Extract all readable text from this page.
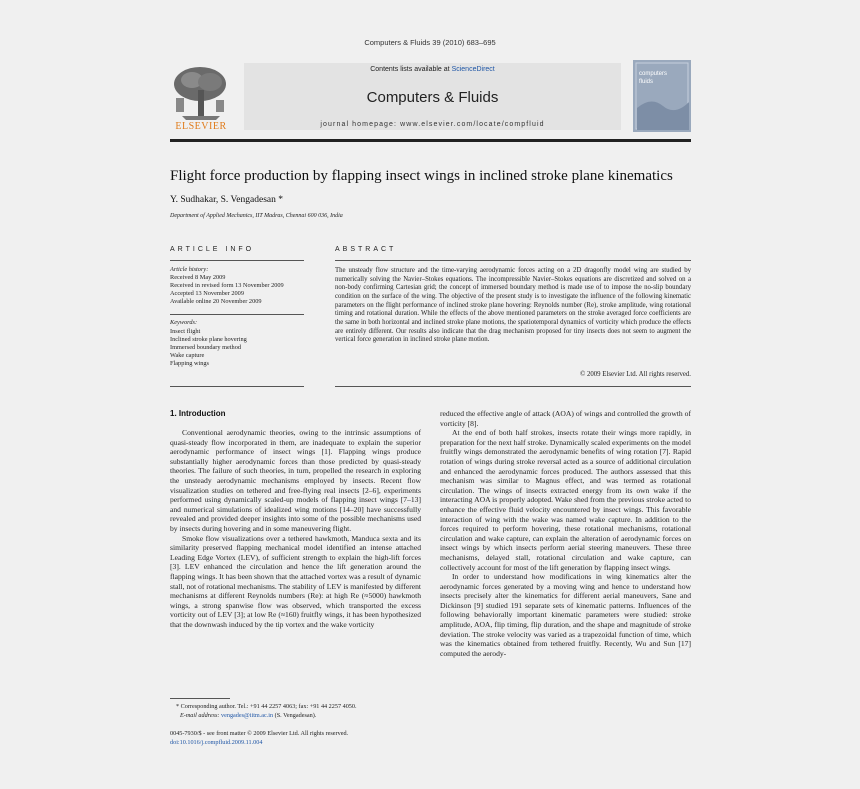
Computers & Fluids 39 (2010) 683–695
ELSEVIER
Contents lists available at ScienceDirect
Computers & Fluids
journal homepage: www.elsevier.com/locate/compfluid
computers
fluids
Flight force production by flapping insect wings in inclined stroke plane kinematics
Y. Sudhakar, S. Vengadesan *
Department of Applied Mechanics, IIT Madras, Chennai 600 036, India
ARTICLE INFO
Article history:
Received 8 May 2009
Received in revised form 13 November 2009
Accepted 13 November 2009
Available online 20 November 2009
Keywords:
Insect flight
Inclined stroke plane hovering
Immersed boundary method
Wake capture
Flapping wings
ABSTRACT
The unsteady flow structure and the time-varying aerodynamic forces acting on a 2D dragonfly model wing are studied by numerically solving the Navier–Stokes equations. The incompressible Navier–Stokes equations are discretized and solved on a non-body confirming Cartesian grid; the concept of immersed boundary method is made use of to impose the no-slip boundary condition on the surface of the wing. The objective of the present study is to investigate the influence of the following kinematic parameters on the flight performance of inclined stroke plane hovering: Reynolds number (Re), stroke amplitude, wing rotational timing and rotational duration. While the effects of the above mentioned parameters on the stroke averaged force coefficients are the same in both horizontal and inclined stroke plane motions, the spatiotemporal dynamics of vorticity which produce the effects are entirely different. Our results also indicate that the drag mechanism proposed for tiny insects does not seem to augment the vertical force generation in inclined stroke plane motion.
© 2009 Elsevier Ltd. All rights reserved.
1. Introduction

Conventional aerodynamic theories, owing to the intrinsic assumptions of quasi-steady flow incorporated in them, are inadequate to explain the superior aerodynamic performance of insect wings [1]. Flapping wings produce substantially higher aerodynamic forces than those predicted by quasi-steady theories. The failure of such theories, in turn, propelled the research in exploring the unsteady aerodynamic mechanisms employed by insects. Recent flow visualization studies on tethered and free-flying real insects [2–6], experiments performed using dynamically scaled-up models of flapping insect wings [7–13] and numerical simulations of idealized wing motions [14–20] have successfully revealed and provided deeper insights into some of the possible mechanisms used by insects during hovering and in some maneuvering flight.

Smoke flow visualizations over a tethered hawkmoth, Manduca sexta and its similarity preserved flapping mechanical model identified an intense attached Leading Edge Vortex (LEV), of sufficient strength to explain the high-lift forces [3]. LEV enhanced the circulation and hence the lift generation around the flapping wings. It has been shown that the attached vortex was a result of dynamic stall, not of rotational mechanisms. The stability of LEV is manifested by different mechanisms at different Reynolds numbers (Re): at high Re (≈5000) hawkmoth wings, a strong spanwise flow was observed, which transported the excess vorticity out of LEV [3]; at low Re (≈160) fruitfly wings, it has been hypothesized that the downwash induced by the tip vortex and the wake vorticity

reduced the effective angle of attack (AOA) of wings and controlled the growth of vorticity [8].

At the end of both half strokes, insects rotate their wings more rapidly, in preparation for the next half stroke. Dynamically scaled experiments on the model fruitfly wings demonstrated the aerodynamic benefits of wing rotation [7]. Rapid rotation of wings during stroke reversal acted as a source of additional circulation and enhanced the aerodynamic forces produced. The authors assessed that this mechanism was similar to Magnus effect, and was termed as rotational circulation. The wings of insects extracted energy from its own wake if the interacting AOA is properly adopted. Wake shed from the previous stroke acted to enhance the effective fluid velocity encountered by insect wings. This favorable interaction of wing with the wake was named wake capture. In addition to the forces required to perform hovering, these rotational mechanisms, rotational circulation and wake capture, can explain the alteration of aerodynamic forces on insect wings by which insects perform aerial steering maneuvers. These three mechanisms, delayed stall, rotational circulation and wake capture, can collectively account for most of the lift generation by flapping insect wings.

In order to understand how modifications in wing kinematics alter the aerodynamic forces generated by a moving wing and hence to understand how insects precisely alter the kinematics for different aerial maneuvers, Sane and Dickinson [9] studied 191 separate sets of kinematic patterns. Influences of the following behaviorally important kinematic parameters were studied: stroke amplitude, AOA, flip timing, flip duration, and the shape and magnitude of stroke deviation. The stroke velocity was varied as a trapezoidal function of time, which was the kinematics obtained from tethered fruitfly. Recently, Wu and Sun [17] computed the aerody-

* Corresponding author. Tel.: +91 44 2257 4063; fax: +91 44 2257 4050.
E-mail address: vengades@iitm.ac.in (S. Vengadesan).
0045-7930/$ - see front matter © 2009 Elsevier Ltd. All rights reserved.
doi:10.1016/j.compfluid.2009.11.004
